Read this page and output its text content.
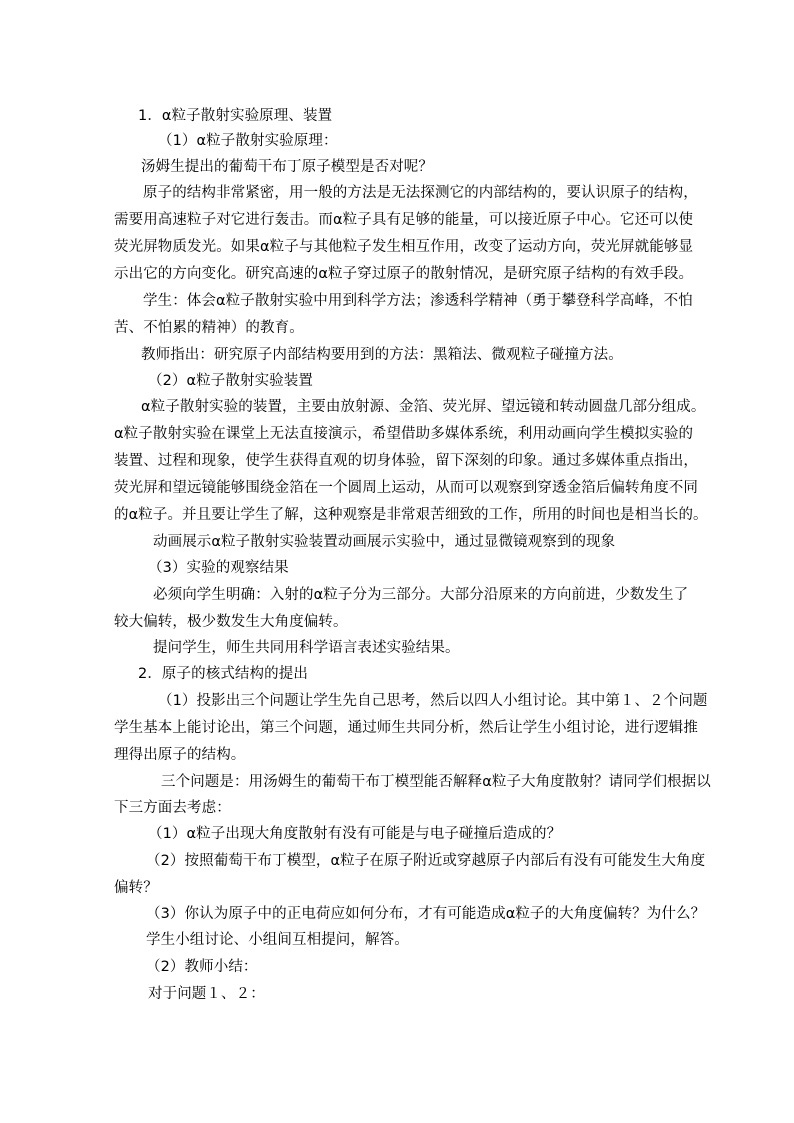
1．α粒子散射实验原理、装置
（1）α粒子散射实验原理：
汤姆生提出的葡萄干布丁原子模型是否对呢？
原子的结构非常紧密，用一般的方法是无法探测它的内部结构的，要认识原子的结构，
需要用高速粒子对它进行轰击。而α粒子具有足够的能量，可以接近原子中心。它还可以使
荧光屏物质发光。如果α粒子与其他粒子发生相互作用，改变了运动方向，荧光屏就能够显
示出它的方向变化。研究高速的α粒子穿过原子的散射情况，是研究原子结构的有效手段。
学生：体会α粒子散射实验中用到科学方法；渗透科学精神（勇于攀登科学高峰，不怕
苦、不怕累的精神）的教育。
教师指出：研究原子内部结构要用到的方法：黑箱法、微观粒子碰撞方法。
（2）α粒子散射实验装置
α粒子散射实验的装置，主要由放射源、金箔、荧光屏、望远镜和转动圆盘几部分组成。
α粒子散射实验在课堂上无法直接演示，希望借助多媒体系统，利用动画向学生模拟实验的
装置、过程和现象，使学生获得直观的切身体验，留下深刻的印象。通过多媒体重点指出，
荧光屏和望远镜能够围绕金箔在一个圆周上运动，从而可以观察到穿透金箔后偏转角度不同
的α粒子。并且要让学生了解，这种观察是非常艰苦细致的工作，所用的时间也是相当长的。
动画展示α粒子散射实验装置动画展示实验中，通过显微镜观察到的现象
（3）实验的观察结果
必须向学生明确：入射的α粒子分为三部分。大部分沿原来的方向前进，少数发生了
较大偏转，极少数发生大角度偏转。
提问学生，师生共同用科学语言表述实验结果。
2．原子的核式结构的提出
（1）投影出三个问题让学生先自己思考，然后以四人小组讨论。其中第１、２个问题
学生基本上能讨论出，第三个问题，通过师生共同分析，然后让学生小组讨论，进行逻辑推
理得出原子的结构。
三个问题是：用汤姆生的葡萄干布丁模型能否解释α粒子大角度散射？请同学们根据以
下三方面去考虑：
（1）α粒子出现大角度散射有没有可能是与电子碰撞后造成的？
（2）按照葡萄干布丁模型，α粒子在原子附近或穿越原子内部后有没有可能发生大角度
偏转？
（3）你认为原子中的正电荷应如何分布，才有可能造成α粒子的大角度偏转？为什么？
学生小组讨论、小组间互相提问，解答。
（2）教师小结：
对于问题１、２：
